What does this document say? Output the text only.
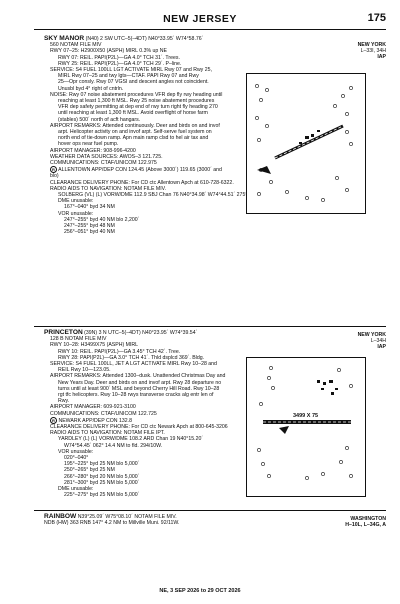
NEW JERSEY	175
SKY MANOR (N40) 2 SW UTC–5(–4DT) N40°33.95´ W74°58.76´
560 NOTAM FILE MIV
RWY 07–25: H2900X50 (ASPH) MIRL 0.3% up NE
RWY 07: REIL. PAPI(P2L)—GA 4.0° TCH 31´. Trees.
RWY 25: REIL. PAPI(P2L)—GA 4.0° TCH 29´. P–line.
SERVICE: S4 FUEL 100LL LGT ACTIVATE MIRL Rwy 07 and Rwy 25,
MIRL Rwy 07–25 and twy lgts—CTAF. PAPI Rwy 07 and Rwy
25—Opr consly. Rwy 07 VGSI and descent angles not coincident.
Unusbl byd 4° right of cntrln.
NOISE: Rwy 07 noise abatement procedures VFR dep fly rwy heading until
reaching at least 1,300 ft MSL. Rwy 25 noise abatement procedures
VFR dep safety permitting at dep end of rwy turn right fly heading 270
until reaching at least 1,300 ft MSL. Avoid overflight of horse farm
(stables) 500´ north of acft hangars.
AIRPORT REMARKS: Attended continuously. Deer and birds on and invof
arpt. Helicopter activity on and invof arpt. Self-serve fuel system on
north end of tie-down ramp. Apn main ramp clsd to hel air tax and
hover ops near fuel pump.
AIRPORT MANAGER: 908-996-4200
WEATHER DATA SOURCES: AWOS–3 121.725.
COMMUNICATIONS: CTAF/UNICOM 122.975
R ALLENTOWN APP/DEP CON 124.45 (Above 3000´) 119.65 (3000´ and
blo)
CLEARANCE DELIVERY PHONE: For CD ctc Allentown Apch at 610-728-6322.
RADIO AIDS TO NAVIGATION: NOTAM FILE MIV.
SOLBERG (VL) (L) VORW/DME 112.9 SBJ Chan 76 N40°34.98´ W74°44.51´ 275° 10.9 NM to fld. 189/10W.
DME unusable:
167°–040° byd 34 NM
VOR unusable:
247°–255° byd 40 NM blo 2,200´
247°–255° byd 48 NM
256°–051° byd 40 NM
NEW YORK
L–33I, 34H
IAP
PRINCETON (39N) 3 N UTC–5(–4DT) N40°23.95´ W74°39.54´
128 B NOTAM FILE MIV
RWY 10–28: H3499X75 (ASPH) MIRL
RWY 10: REIL. PAPI(P2L)—GA 3.45° TCH 42´. Tree.
RWY 28: PAPI(P2L)—GA 3.0° TCH 41´. Thld dsplcd 369´. Bldg.
SERVICE: S4 FUEL 100LL, JET A LGT ACTIVATE MIRL Rwy 10–28 and
REIL Rwy 10—123.05.
AIRPORT REMARKS: Attended 1300–dusk. Unattended Christmas Day and
New Years Day. Deer and birds on and invof arpt. Rwy 28 departure no
turns until at least 900´ MSL and beyond Cherry Hill Road. Rwy 10–28
rgt tfc helicopters. Rwy 10–28 rwys transverse cracks alg entr len of
Rwy.
AIRPORT MANAGER: 609-921-3100
COMMUNICATIONS: CTAF/UNICOM 122.725
R NEWARK APP/DEP CON 132.8
CLEARANCE DELIVERY PHONE: For CD ctc Newark Apch at 800-645-3206
RADIO AIDS TO NAVIGATION: NOTAM FILE IPT.
YARDLEY (L) (L) VORW/DME 108.2 ARD Chan 19 N40°15.20´
W74°54.45´ 062° 14.4 NM to fld. 294/10W.
VOR unusable:
020°–040°
195°–225° byd 25 NM blo 5,000´
250°–265° byd 25 NM
266°–280° byd 20 NM blo 5,000´
281°–300° byd 25 NM blo 5,000´
DME unusable:
225°–275° byd 25 NM blo 5,000´
NEW YORK
L–34H
IAP
3499 X 75
RAINBOW N39°25.09´ W75°08.10´ NOTAM FILE MIV.
NDB (HW) 363 RNB 147° 4.2 NM to Millville Muni. 92/11W.
WASHINGTON
H–10L, L–34G, A
NE, 3 SEP 2026 to 29 OCT 2026
